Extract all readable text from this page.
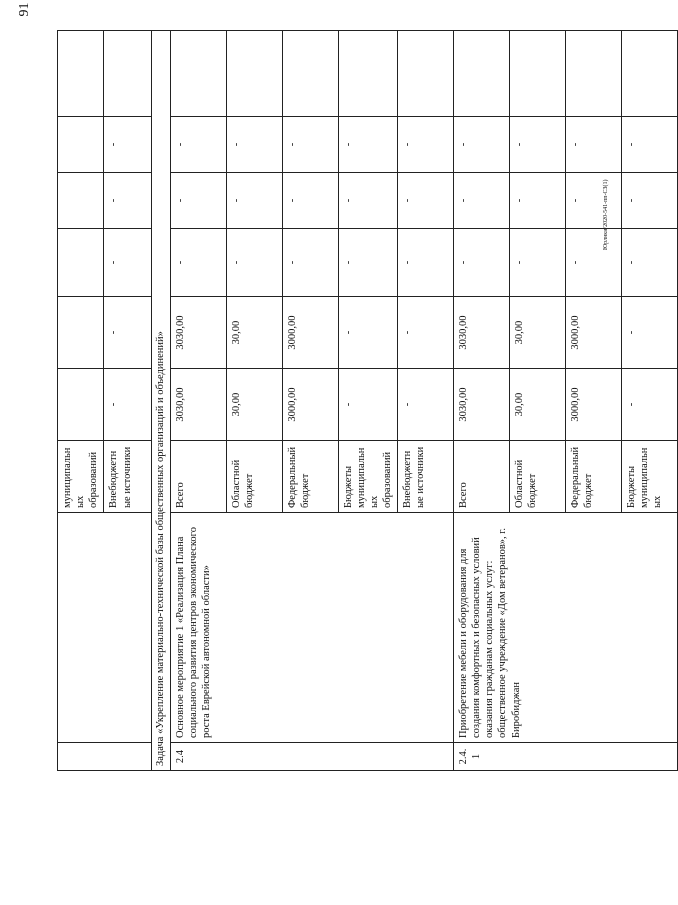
91
Юрлнки/2020-541-пп-СЗ(1)
		муниципальных образований						
		Внебюджетные источники	-	-	-	-	-	
Задача «Укрепление материально-технической базы общественных организаций и объединений»								
2.4	Основное мероприятие 1 «Реализация Плана социального развития центров экономического роста Еврейской автономной области»	Всего	3030,00	3030,00	-	-	-	
		Областной бюджет	30,00	30,00	-	-	-	
		Федеральный бюджет	3000,00	3000,00	-	-	-	
		Бюджеты муниципальных образований	-	-	-	-	-	
		Внебюджетные источники	-	-	-	-	-	
2.4.1	Приобретение мебели и оборудования для создания комфортных и безопасных условий оказания гражданам социальных услуг: общественное учреждение «Дом ветеранов», г. Биробиджан	Всего	3030,00	3030,00	-	-	-	
		Областной бюджет	30,00	30,00	-	-	-	
		Федеральный бюджет	3000,00	3000,00	-	-	-	
		Бюджеты муниципальных	-	-	-	-	-	
